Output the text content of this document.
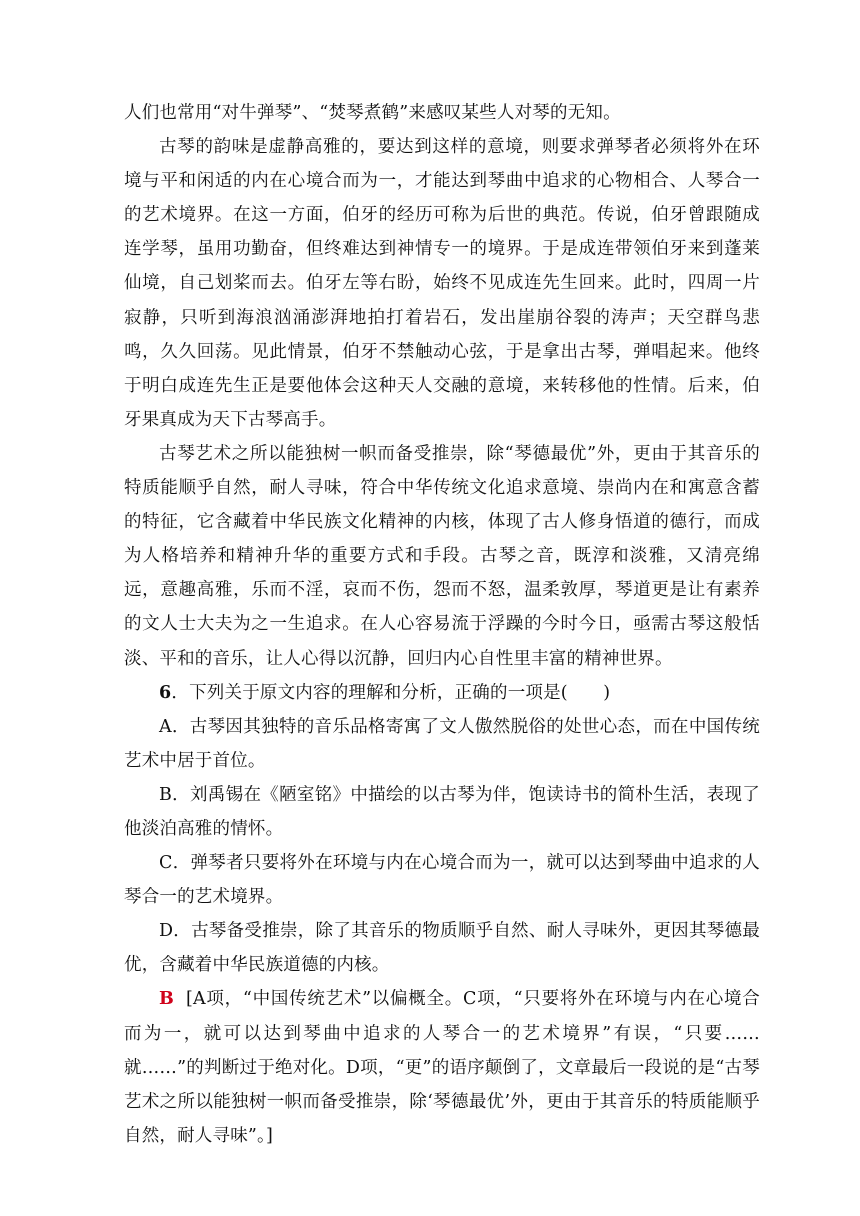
人们也常用“对牛弹琴”、“焚琴煮鹤”来感叹某些人对琴的无知。

古琴的韵味是虚静高雅的，要达到这样的意境，则要求弹琴者必须将外在环境与平和闲适的内在心境合而为一，才能达到琴曲中追求的心物相合、人琴合一的艺术境界。在这一方面，伯牙的经历可称为后世的典范。传说，伯牙曾跟随成连学琴，虽用功勤奋，但终难达到神情专一的境界。于是成连带领伯牙来到蓬莱仙境，自己划桨而去。伯牙左等右盼，始终不见成连先生回来。此时，四周一片寂静，只听到海浪汹涌澎湃地拍打着岩石，发出崖崩谷裂的涛声；天空群鸟悲鸣，久久回荡。见此情景，伯牙不禁触动心弦，于是拿出古琴，弹唱起来。他终于明白成连先生正是要他体会这种天人交融的意境，来转移他的性情。后来，伯牙果真成为天下古琴高手。

古琴艺术之所以能独树一帜而备受推崇，除“琴德最优”外，更由于其音乐的特质能顺乎自然，耐人寻味，符合中华传统文化追求意境、崇尚内在和寓意含蓄的特征，它含藏着中华民族文化精神的内核，体现了古人修身悟道的德行，而成为人格培养和精神升华的重要方式和手段。古琴之音，既淳和淡雅，又清亮绵远，意趣高雅，乐而不淫，哀而不伤，怨而不怒，温柔敦厚，琴道更是让有素养的文人士大夫为之一生追求。在人心容易流于浮躁的今时今日，亟需古琴这般恬淡、平和的音乐，让人心得以沉静，回归内心自性里丰富的精神世界。

6．下列关于原文内容的理解和分析，正确的一项是(　　)

A．古琴因其独特的音乐品格寄寓了文人傲然脱俗的处世心态，而在中国传统艺术中居于首位。

B．刘禹锡在《陋室铭》中描绘的以古琴为伴，饱读诗书的简朴生活，表现了他淡泊高雅的情怀。

C．弹琴者只要将外在环境与内在心境合而为一，就可以达到琴曲中追求的人琴合一的艺术境界。

D．古琴备受推崇，除了其音乐的物质顺乎自然、耐人寻味外，更因其琴德最优，含藏着中华民族道德的内核。

B [A项，“中国传统艺术”以偏概全。C项，“只要将外在环境与内在心境合而为一，就可以达到琴曲中追求的人琴合一的艺术境界”有误，“只要……就……”的判断过于绝对化。D项，“更”的语序颠倒了，文章最后一段说的是“古琴艺术之所以能独树一帜而备受推崇，除‘琴德最优’外，更由于其音乐的特质能顺乎自然，耐人寻味”。]
